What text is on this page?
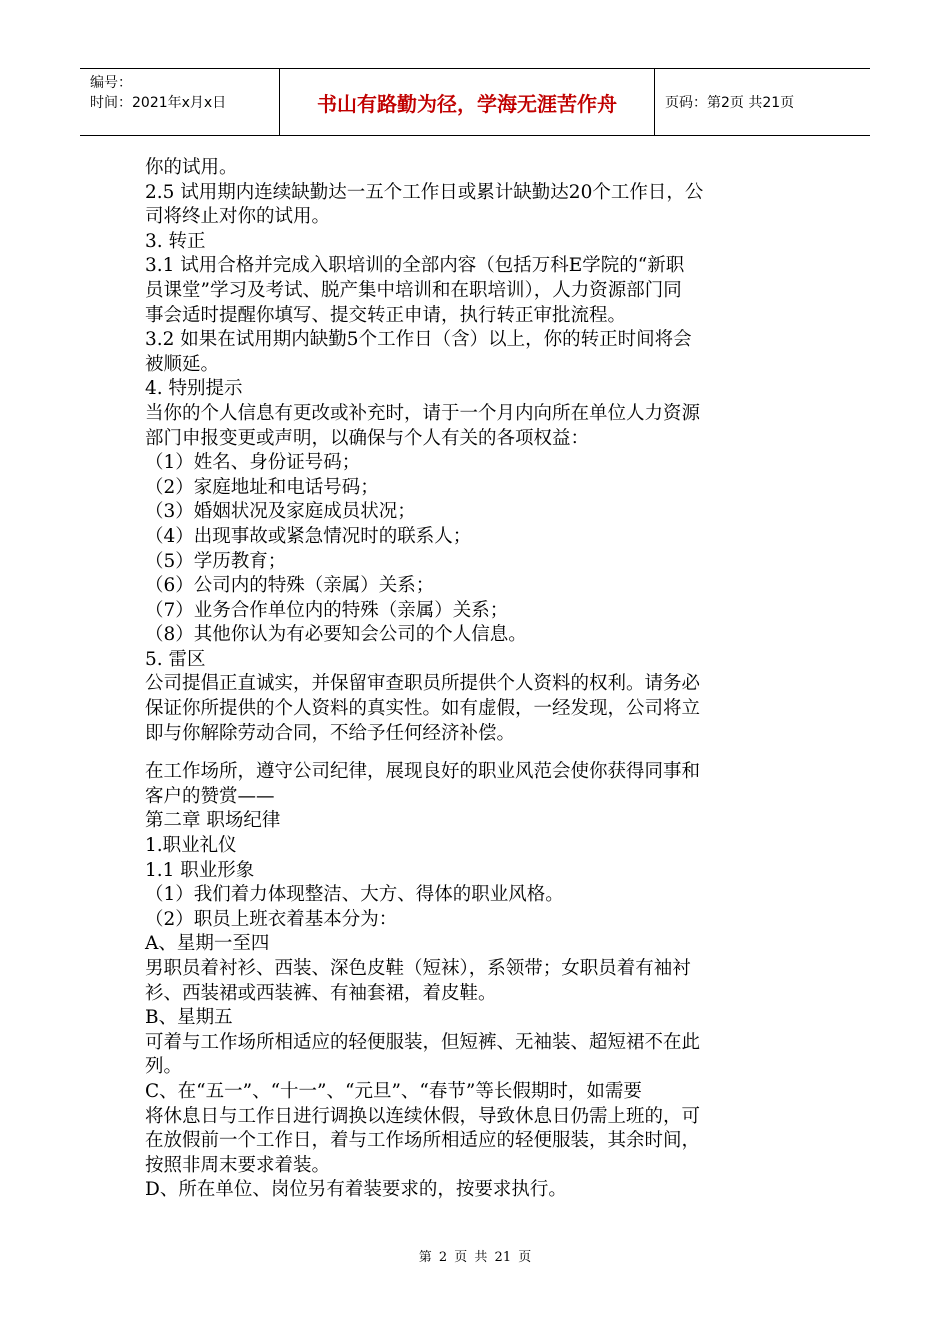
编号：
时间：2021年x月x日	书山有路勤为径，学海无涯苦作舟	页码：第2页 共21页

你的试用。

2.5 试用期内连续缺勤达一五个工作日或累计缺勤达20个工作日，公

司将终止对你的试用。

3. 转正

3.1 试用合格并完成入职培训的全部内容（包括万科E学院的“新职

员课堂”学习及考试、脱产集中培训和在职培训），人力资源部门同

事会适时提醒你填写、提交转正申请，执行转正审批流程。

3.2 如果在试用期内缺勤5个工作日（含）以上，你的转正时间将会

被顺延。

4. 特别提示

当你的个人信息有更改或补充时，请于一个月内向所在单位人力资源

部门申报变更或声明，以确保与个人有关的各项权益：

（1）姓名、身份证号码；

（2）家庭地址和电话号码；

（3）婚姻状况及家庭成员状况；

（4）出现事故或紧急情况时的联系人；

（5）学历教育；

（6）公司内的特殊（亲属）关系；

（7）业务合作单位内的特殊（亲属）关系；

（8）其他你认为有必要知会公司的个人信息。

5. 雷区

公司提倡正直诚实，并保留审查职员所提供个人资料的权利。请务必

保证你所提供的个人资料的真实性。如有虚假，一经发现，公司将立

即与你解除劳动合同，不给予任何经济补偿。

在工作场所，遵守公司纪律，展现良好的职业风范会使你获得同事和

客户的赞赏——

第二章 职场纪律

1.职业礼仪

1.1 职业形象

（1）我们着力体现整洁、大方、得体的职业风格。

（2）职员上班衣着基本分为：

A、星期一至四

男职员着衬衫、西装、深色皮鞋（短袜），系领带；女职员着有袖衬

衫、西装裙或西装裤、有袖套裙，着皮鞋。

B、星期五

可着与工作场所相适应的轻便服装，但短裤、无袖装、超短裙不在此

列。

C、在“五一”、“十一”、“元旦”、“春节”等长假期时，如需要

将休息日与工作日进行调换以连续休假，导致休息日仍需上班的，可

在放假前一个工作日，着与工作场所相适应的轻便服装，其余时间，

按照非周末要求着装。

D、所在单位、岗位另有着装要求的，按要求执行。

第 2 页 共 21 页
